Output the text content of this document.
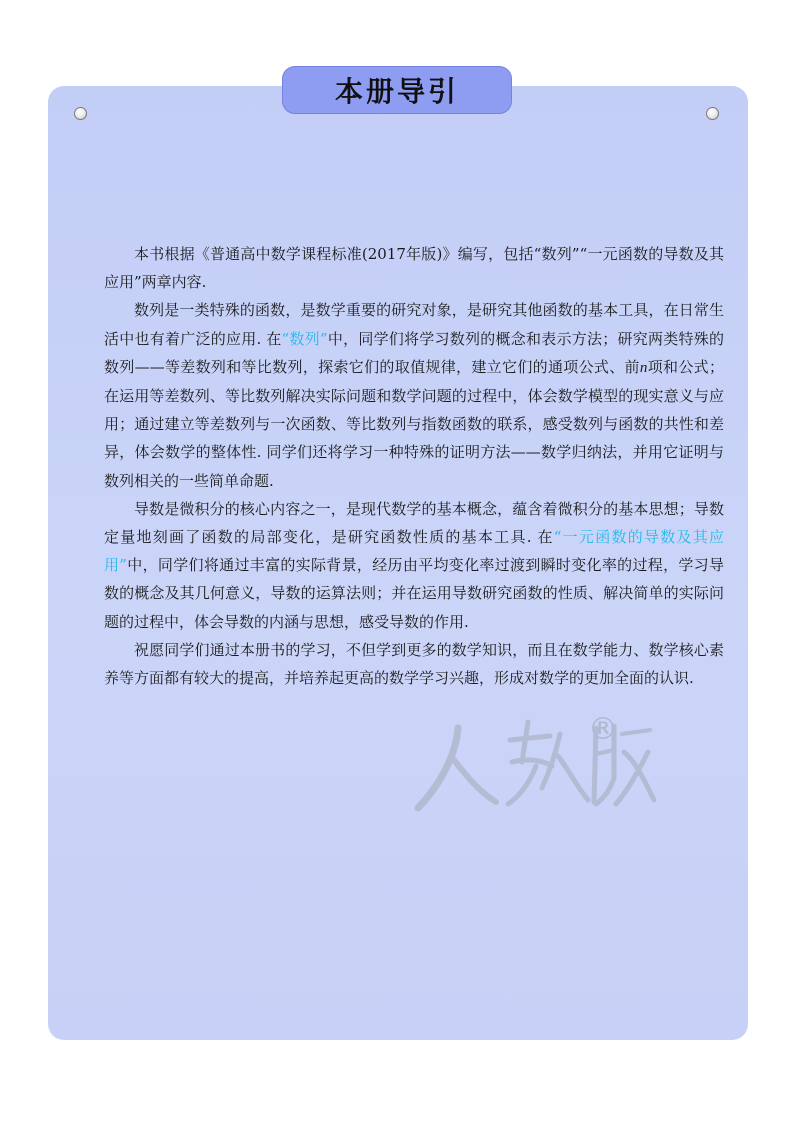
本册导引
®

本书根据《普通高中数学课程标准(2017年版)》编写，包括“数列”“一元函数的导数及其应用”两章内容.

数列是一类特殊的函数，是数学重要的研究对象，是研究其他函数的基本工具，在日常生活中也有着广泛的应用. 在“数列”中，同学们将学习数列的概念和表示方法；研究两类特殊的数列——等差数列和等比数列，探索它们的取值规律，建立它们的通项公式、前n项和公式；在运用等差数列、等比数列解决实际问题和数学问题的过程中，体会数学模型的现实意义与应用；通过建立等差数列与一次函数、等比数列与指数函数的联系，感受数列与函数的共性和差异，体会数学的整体性. 同学们还将学习一种特殊的证明方法——数学归纳法，并用它证明与数列相关的一些简单命题.

导数是微积分的核心内容之一，是现代数学的基本概念，蕴含着微积分的基本思想；导数定量地刻画了函数的局部变化，是研究函数性质的基本工具. 在“一元函数的导数及其应用”中，同学们将通过丰富的实际背景，经历由平均变化率过渡到瞬时变化率的过程，学习导数的概念及其几何意义，导数的运算法则；并在运用导数研究函数的性质、解决简单的实际问题的过程中，体会导数的内涵与思想，感受导数的作用.

祝愿同学们通过本册书的学习，不但学到更多的数学知识，而且在数学能力、数学核心素养等方面都有较大的提高，并培养起更高的数学学习兴趣，形成对数学的更加全面的认识.
